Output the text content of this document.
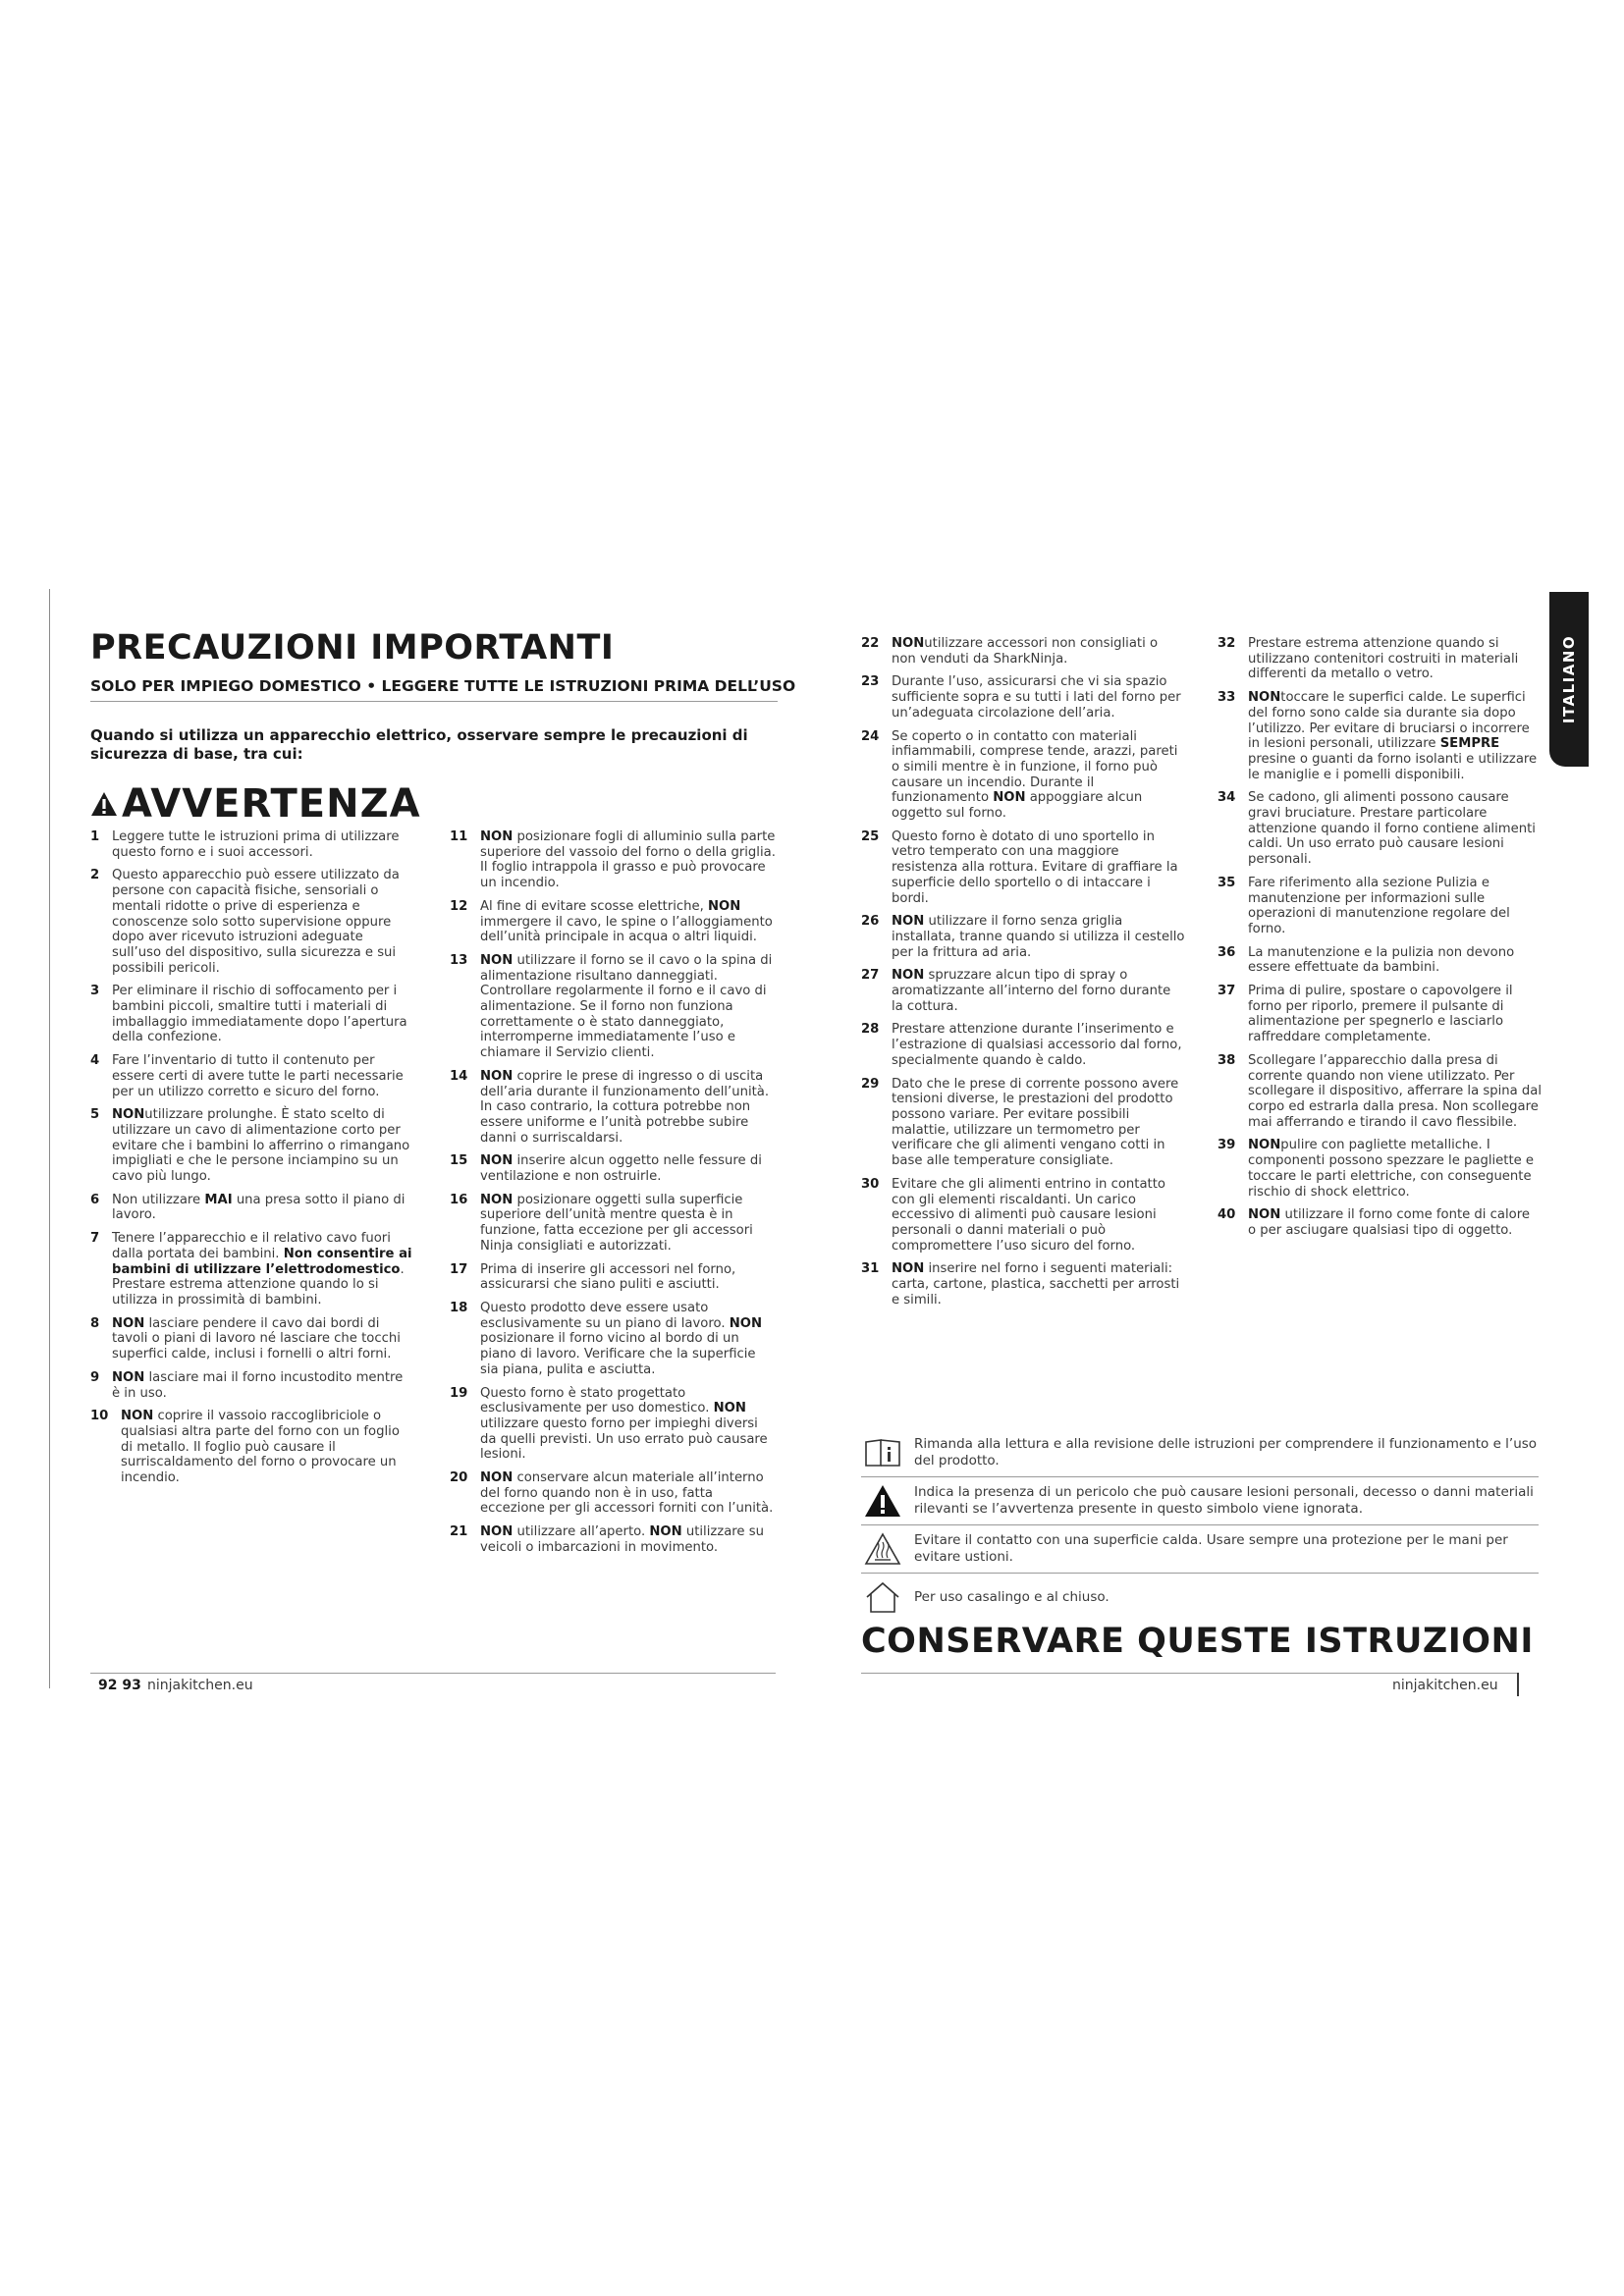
PRECAUZIONI IMPORTANTI
SOLO PER IMPIEGO DOMESTICO • LEGGERE TUTTE LE ISTRUZIONI PRIMA DELL’USO

Quando si utilizza un apparecchio elettrico, osservare sempre le precauzioni di sicurezza di base, tra cui:

AVVERTENZA
1 Leggere tutte le istruzioni prima di utilizzare questo forno e i suoi accessori.
2 Questo apparecchio può essere utilizzato da persone con capacità fisiche, sensoriali o mentali ridotte o prive di esperienza e conoscenze solo sotto supervisione oppure dopo aver ricevuto istruzioni adeguate sull’uso del dispositivo, sulla sicurezza e sui possibili pericoli.
3 Per eliminare il rischio di soffocamento per i bambini piccoli, smaltire tutti i materiali di imballaggio immediatamente dopo l’apertura della confezione.
4 Fare l’inventario di tutto il contenuto per essere certi di avere tutte le parti necessarie per un utilizzo corretto e sicuro del forno.
5 NONutilizzare prolunghe. È stato scelto di utilizzare un cavo di alimentazione corto per evitare che i bambini lo afferrino o rimangano impigliati e che le persone inciampino su un cavo più lungo.
6 Non utilizzare MAI una presa sotto il piano di lavoro.
7 Tenere l’apparecchio e il relativo cavo fuori dalla portata dei bambini. Non consentire ai bambini di utilizzare l’elettrodomestico. Prestare estrema attenzione quando lo si utilizza in prossimità di bambini.
8 NON lasciare pendere il cavo dai bordi di tavoli o piani di lavoro né lasciare che tocchi superfici calde, inclusi i fornelli o altri forni.
9 NON lasciare mai il forno incustodito mentre è in uso.
10 NON coprire il vassoio raccoglibriciole o qualsiasi altra parte del forno con un foglio di metallo. Il foglio può causare il surriscaldamento del forno o provocare un incendio.
11 NON posizionare fogli di alluminio sulla parte superiore del vassoio del forno o della griglia. Il foglio intrappola il grasso e può provocare un incendio.
12 Al fine di evitare scosse elettriche, NON immergere il cavo, le spine o l’alloggiamento dell’unità principale in acqua o altri liquidi.
13 NON utilizzare il forno se il cavo o la spina di alimentazione risultano danneggiati. Controllare regolarmente il forno e il cavo di alimentazione. Se il forno non funziona correttamente o è stato danneggiato, interromperne immediatamente l’uso e chiamare il Servizio clienti.
14 NON coprire le prese di ingresso o di uscita dell’aria durante il funzionamento dell’unità. In caso contrario, la cottura potrebbe non essere uniforme e l’unità potrebbe subire danni o surriscaldarsi.
15 NON inserire alcun oggetto nelle fessure di ventilazione e non ostruirle.
16 NON posizionare oggetti sulla superficie superiore dell’unità mentre questa è in funzione, fatta eccezione per gli accessori Ninja consigliati e autorizzati.
17 Prima di inserire gli accessori nel forno, assicurarsi che siano puliti e asciutti.
18 Questo prodotto deve essere usato esclusivamente su un piano di lavoro. NON posizionare il forno vicino al bordo di un piano di lavoro. Verificare che la superficie sia piana, pulita e asciutta.
19 Questo forno è stato progettato esclusivamente per uso domestico. NON utilizzare questo forno per impieghi diversi da quelli previsti. Un uso errato può causare lesioni.
20 NON conservare alcun materiale all’interno del forno quando non è in uso, fatta eccezione per gli accessori forniti con l’unità.
21 NON utilizzare all’aperto. NON utilizzare su veicoli o imbarcazioni in movimento.
22 NONutilizzare accessori non consigliati o non venduti da SharkNinja.
23 Durante l’uso, assicurarsi che vi sia spazio sufficiente sopra e su tutti i lati del forno per un’adeguata circolazione dell’aria.
24 Se coperto o in contatto con materiali infiammabili, comprese tende, arazzi, pareti o simili mentre è in funzione, il forno può causare un incendio. Durante il funzionamento NON appoggiare alcun oggetto sul forno.
25 Questo forno è dotato di uno sportello in vetro temperato con una maggiore resistenza alla rottura. Evitare di graffiare la superficie dello sportello o di intaccare i bordi.
26 NON utilizzare il forno senza griglia installata, tranne quando si utilizza il cestello per la frittura ad aria.
27 NON spruzzare alcun tipo di spray o aromatizzante all’interno del forno durante la cottura.
28 Prestare attenzione durante l’inserimento e l’estrazione di qualsiasi accessorio dal forno, specialmente quando è caldo.
29 Dato che le prese di corrente possono avere tensioni diverse, le prestazioni del prodotto possono variare. Per evitare possibili malattie, utilizzare un termometro per verificare che gli alimenti vengano cotti in base alle temperature consigliate.
30 Evitare che gli alimenti entrino in contatto con gli elementi riscaldanti. Un carico eccessivo di alimenti può causare lesioni personali o danni materiali o può compromettere l’uso sicuro del forno.
31 NON inserire nel forno i seguenti materiali: carta, cartone, plastica, sacchetti per arrosti e simili.
32 Prestare estrema attenzione quando si utilizzano contenitori costruiti in materiali differenti da metallo o vetro.
33 NONtoccare le superfici calde. Le superfici del forno sono calde sia durante sia dopo l’utilizzo. Per evitare di bruciarsi o incorrere in lesioni personali, utilizzare SEMPRE presine o guanti da forno isolanti e utilizzare le maniglie e i pomelli disponibili.
34 Se cadono, gli alimenti possono causare gravi bruciature. Prestare particolare attenzione quando il forno contiene alimenti caldi. Un uso errato può causare lesioni personali.
35 Fare riferimento alla sezione Pulizia e manutenzione per informazioni sulle operazioni di manutenzione regolare del forno.
36 La manutenzione e la pulizia non devono essere effettuate da bambini.
37 Prima di pulire, spostare o capovolgere il forno per riporlo, premere il pulsante di alimentazione per spegnerlo e lasciarlo raffreddare completamente.
38 Scollegare l’apparecchio dalla presa di corrente quando non viene utilizzato. Per scollegare il dispositivo, afferrare la spina dal corpo ed estrarla dalla presa. Non scollegare mai afferrando e tirando il cavo flessibile.
39 NONpulire con pagliette metalliche. I componenti possono spezzare le pagliette e toccare le parti elettriche, con conseguente rischio di shock elettrico.
40 NON utilizzare il forno come fonte di calore o per asciugare qualsiasi tipo di oggetto.
ITALIANO
Rimanda alla lettura e alla revisione delle istruzioni per comprendere il funzionamento e l’uso del prodotto.
Indica la presenza di un pericolo che può causare lesioni personali, decesso o danni materiali rilevanti se l’avvertenza presente in questo simbolo viene ignorata.
Evitare il contatto con una superficie calda. Usare sempre una protezione per le mani per evitare ustioni.
Per uso casalingo e al chiuso.
CONSERVARE QUESTE ISTRUZIONI
92 93 ninjakitchen.eu	ninjakitchen.eu
